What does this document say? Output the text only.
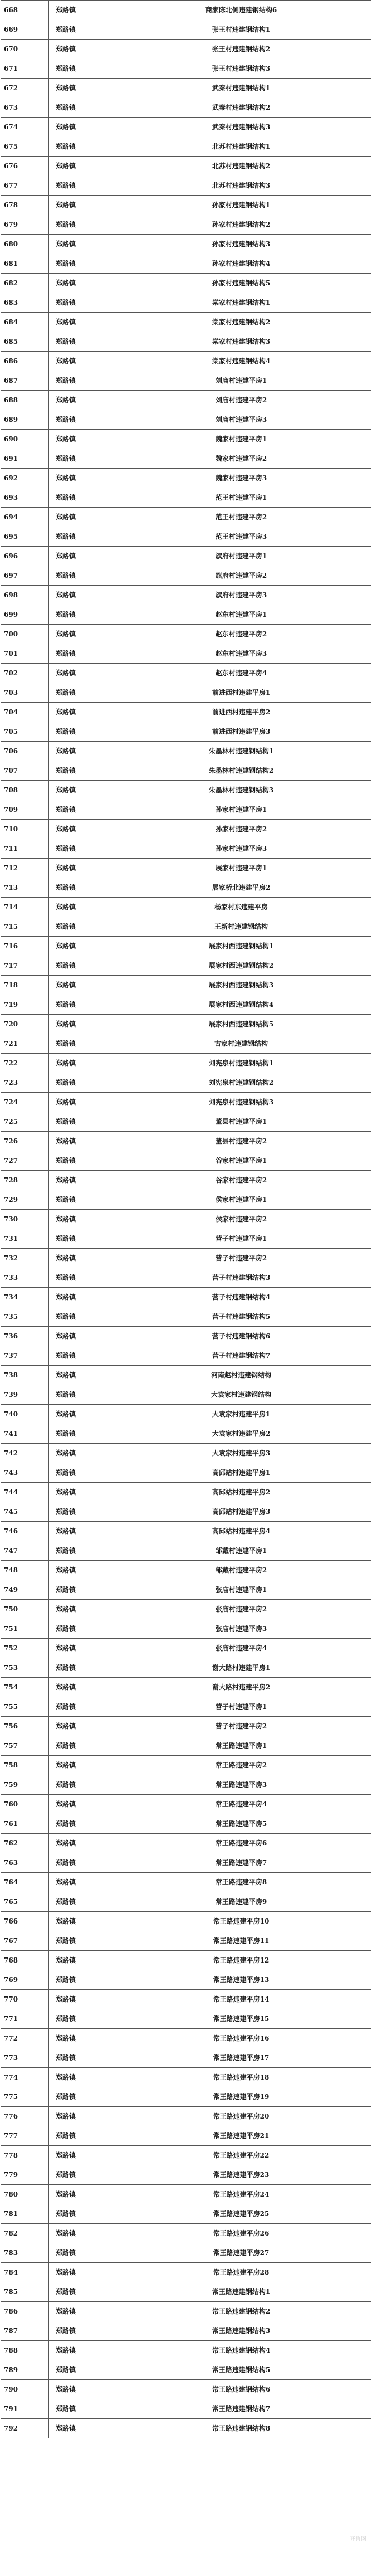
668	郑路镇	商家陈北侧违建钢结构6
669	郑路镇	张王村违建钢结构1
670	郑路镇	张王村违建钢结构2
671	郑路镇	张王村违建钢结构3
672	郑路镇	武秦村违建钢结构1
673	郑路镇	武秦村违建钢结构2
674	郑路镇	武秦村违建钢结构3
675	郑路镇	北苏村违建钢结构1
676	郑路镇	北苏村违建钢结构2
677	郑路镇	北苏村违建钢结构3
678	郑路镇	孙家村违建钢结构1
679	郑路镇	孙家村违建钢结构2
680	郑路镇	孙家村违建钢结构3
681	郑路镇	孙家村违建钢结构4
682	郑路镇	孙家村违建钢结构5
683	郑路镇	棠家村违建钢结构1
684	郑路镇	棠家村违建钢结构2
685	郑路镇	棠家村违建钢结构3
686	郑路镇	棠家村违建钢结构4
687	郑路镇	刘庙村违建平房1
688	郑路镇	刘庙村违建平房2
689	郑路镇	刘庙村违建平房3
690	郑路镇	魏家村违建平房1
691	郑路镇	魏家村违建平房2
692	郑路镇	魏家村违建平房3
693	郑路镇	范王村违建平房1
694	郑路镇	范王村违建平房2
695	郑路镇	范王村违建平房3
696	郑路镇	旗府村违建平房1
697	郑路镇	旗府村违建平房2
698	郑路镇	旗府村违建平房3
699	郑路镇	赵东村违建平房1
700	郑路镇	赵东村违建平房2
701	郑路镇	赵东村违建平房3
702	郑路镇	赵东村违建平房4
703	郑路镇	前进西村违建平房1
704	郑路镇	前进西村违建平房2
705	郑路镇	前进西村违建平房3
706	郑路镇	朱墨林村违建钢结构1
707	郑路镇	朱墨林村违建钢结构2
708	郑路镇	朱墨林村违建钢结构3
709	郑路镇	孙家村违建平房1
710	郑路镇	孙家村违建平房2
711	郑路镇	孙家村违建平房3
712	郑路镇	展家村违建平房1
713	郑路镇	展家桥北违建平房2
714	郑路镇	杨家村东违建平房
715	郑路镇	王新村违建钢结构
716	郑路镇	展家村西违建钢结构1
717	郑路镇	展家村西违建钢结构2
718	郑路镇	展家村西违建钢结构3
719	郑路镇	展家村西违建钢结构4
720	郑路镇	展家村西违建钢结构5
721	郑路镇	古家村违建钢结构
722	郑路镇	刘宪泉村违建钢结构1
723	郑路镇	刘宪泉村违建钢结构2
724	郑路镇	刘宪泉村违建钢结构3
725	郑路镇	董县村违建平房1
726	郑路镇	董县村违建平房2
727	郑路镇	谷家村违建平房1
728	郑路镇	谷家村违建平房2
729	郑路镇	侯家村违建平房1
730	郑路镇	侯家村违建平房2
731	郑路镇	营子村违建平房1
732	郑路镇	营子村违建平房2
733	郑路镇	营子村违建钢结构3
734	郑路镇	营子村违建钢结构4
735	郑路镇	营子村违建钢结构5
736	郑路镇	营子村违建钢结构6
737	郑路镇	营子村违建钢结构7
738	郑路镇	河南赵村违建钢结构
739	郑路镇	大袁家村违建钢结构
740	郑路镇	大袁家村违建平房1
741	郑路镇	大袁家村违建平房2
742	郑路镇	大袁家村违建平房3
743	郑路镇	高邱站村违建平房1
744	郑路镇	高邱站村违建平房2
745	郑路镇	高邱站村违建平房3
746	郑路镇	高邱站村违建平房4
747	郑路镇	邹戴村违建平房1
748	郑路镇	邹戴村违建平房2
749	郑路镇	张庙村违建平房1
750	郑路镇	张庙村违建平房2
751	郑路镇	张庙村违建平房3
752	郑路镇	张庙村违建平房4
753	郑路镇	谢大路村违建平房1
754	郑路镇	谢大路村违建平房2
755	郑路镇	营子村违建平房1
756	郑路镇	营子村违建平房2
757	郑路镇	常王路违建平房1
758	郑路镇	常王路违建平房2
759	郑路镇	常王路违建平房3
760	郑路镇	常王路违建平房4
761	郑路镇	常王路违建平房5
762	郑路镇	常王路违建平房6
763	郑路镇	常王路违建平房7
764	郑路镇	常王路违建平房8
765	郑路镇	常王路违建平房9
766	郑路镇	常王路违建平房10
767	郑路镇	常王路违建平房11
768	郑路镇	常王路违建平房12
769	郑路镇	常王路违建平房13
770	郑路镇	常王路违建平房14
771	郑路镇	常王路违建平房15
772	郑路镇	常王路违建平房16
773	郑路镇	常王路违建平房17
774	郑路镇	常王路违建平房18
775	郑路镇	常王路违建平房19
776	郑路镇	常王路违建平房20
777	郑路镇	常王路违建平房21
778	郑路镇	常王路违建平房22
779	郑路镇	常王路违建平房23
780	郑路镇	常王路违建平房24
781	郑路镇	常王路违建平房25
782	郑路镇	常王路违建平房26
783	郑路镇	常王路违建平房27
784	郑路镇	常王路违建平房28
785	郑路镇	常王路违建钢结构1
786	郑路镇	常王路违建钢结构2
787	郑路镇	常王路违建钢结构3
788	郑路镇	常王路违建钢结构4
789	郑路镇	常王路违建钢结构5
790	郑路镇	常王路违建钢结构6
791	郑路镇	常王路违建钢结构7
792	郑路镇	常王路违建钢结构8
齐鲁网
